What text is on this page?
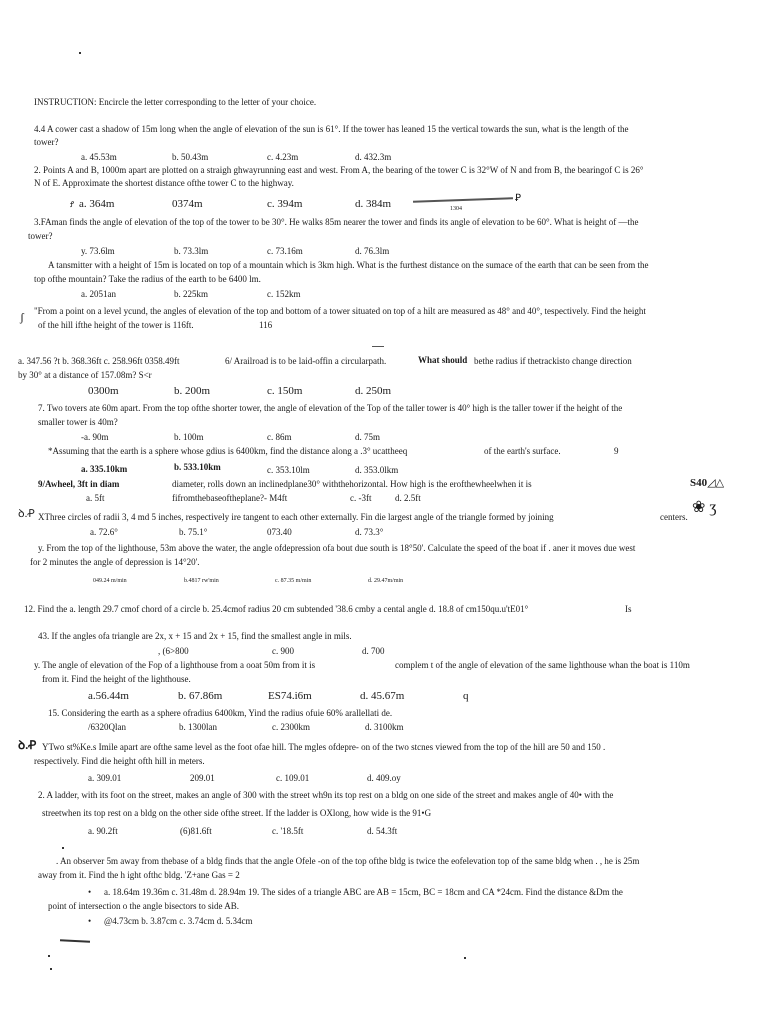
INSTRUCTION: Encircle the letter corresponding to the letter of your choice.
4.4 A cower cast a shadow of 15m long when the angle of elevation of the sun is 61°. If the tower has leaned 15 the vertical towards the sun, what is the length of the
tower?
a. 45.53m	b. 50.43m	c. 4.23m	d. 432.3m
2. Points A and B, 1000m apart are plotted on a straigh ghwayrunning east and west. From A, the bearing of the tower C is 32°W of N and from B, the bearingof C is 26°
N of E. Approximate the shortest distance ofthe tower C to the highway.
Ꝭ a. 364m	0374m	c. 394m	d. 384m	Ꝑ
1304
3.FAman finds the angle of elevation of the top of the tower to be 30°. He walks 85m nearer the tower and finds its angle of elevation to be 60°. What is height of —the
tower?
y. 73.6lm	b. 73.3lm	c. 73.16m	d. 76.3lm
A tansmitter with a height of 15m is located on top of a mountain which is 3km high. What is the furthest distance on the sumace of the earth that can be seen from the
top ofthe mountain? Take the radius of the earth to be 6400 lm.
a. 2051an	b. 225km	c. 152km
ʃ "From a point on a level ycund, the angles of elevation of the top and bottom of a tower situated on top of a hilt are measured as 48° and 40°, tespectively. Find the height
of the hill ifthe height of the tower is 116ft.	116
a. 347.56 ?t b. 368.36ft c. 258.96ft 0358.49ft	6/ Arailroad is to be laid-offin a circularpath.	What should bethe radius if thetrackisto change direction
by 30° at a distance of 157.08m? S<r
0300m	b. 200m	c. 150m	d. 250m
7. Two tovers ate 60m apart. From the top ofthe shorter tower, the angle of elevation of the Top of the taller tower is 40° high is the taller tower if the height of the
smaller tower is 40m?
-a. 90m	b. 100m	c. 86m	d. 75m
*Assuming that the earth is a sphere whose gdius is 6400km, find the distance along a .3° ucattheeq	of the earth's surface.	9
a. 335.10km	b. 533.10km	c. 353.10lm	d. 353.0lkm
9/Awheel, 3ft in diam	diameter, rolls down an inclinedplane30° withthehorizontal. How high is the erofthewheelwhen it is
a. 5ft	fifromthebaseoftheplane?- M4ft	c. -3ft	d. 2.5ft
S40◿△
ꝺ.Ꝓ XThree circles of radii 3, 4 md 5 inches, respectively ire tangent to each other externally. Fin die largest angle of the triangle formed by joining	centers.
❀ ʒ
a. 72.6°	b. 75.1°	073.40	d. 73.3°
y. From the top of the lighthouse, 53m above the water, the angle ofdepression ofa bout due south is 18°50'. Calculate the speed of the boat if . aner it moves due west
for 2 minutes the angle of depression is 14°20'.
049.24 m/min	b.4817 rw'min	c. 87.35 m/min	d. 29.47m/min
12. Find the a. length 29.7 cmof chord of a circle b. 25.4cmof radius 20 cm subtended '38.6 cmby a cental angle d. 18.8 of cm150qu.u'tE01°	Is
43. If the angles ofa triangle are 2x, x + 15 and 2x + 15, find the smallest angle in mils.
, (6>800	c. 900	d. 700
y. The angle of elevation of the Fop of a lighthouse from a ooat 50m from it is	complem t of the angle of elevation of the same lighthouse whan the boat is 110m
from it. Find the height of the lighthouse.
a.56.44m	b. 67.86m	ES74.i6m	d. 45.67m	q
15. Considering the earth as a sphere ofradius 6400km, Yind the radius ofuie 60% arallellati de.
/6320Qlan	b. 1300lan	c. 2300km	d. 3100km
ꝺ.Ꝓ YTwo st%Ke.s Imile apart are ofthe same level as the foot ofae hill. The mgles ofdepre- on of the two stcnes viewed from the top of the hill are 50 and 150 .
respectively. Find die height ofth hill in meters.
a. 309.01	209.01	c. 109.01	d. 409.oy
2. A ladder, with its foot on the street, makes an angle of 300 with the street wh9n its top rest on a bldg on one side of the street and makes angle of 40• with the
streetwhen its top rest on a bldg on the other side ofthe street. If the ladder is OXlong, how wide is the 91•G
a. 90.2ft	(6)81.6ft	c. '18.5ft	d. 54.3ft
. An observer 5m away from thebase of a bldg finds that the angle Ofele -on of the top ofthe bldg is twice the eofelevation top of the same bldg when . , he is 25m
away from it. Find the h ight ofthc bldg. 'Z+ane Gas = 2
• a. 18.64m 19.36m c. 31.48m d. 28.94m 19. The sides of a triangle ABC are AB = 15cm, BC = 18cm and CA *24cm. Find the distance &Dm the
point of intersection o the angle bisectors to side AB.
• @4.73cm b. 3.87cm c. 3.74cm d. 5.34cm
